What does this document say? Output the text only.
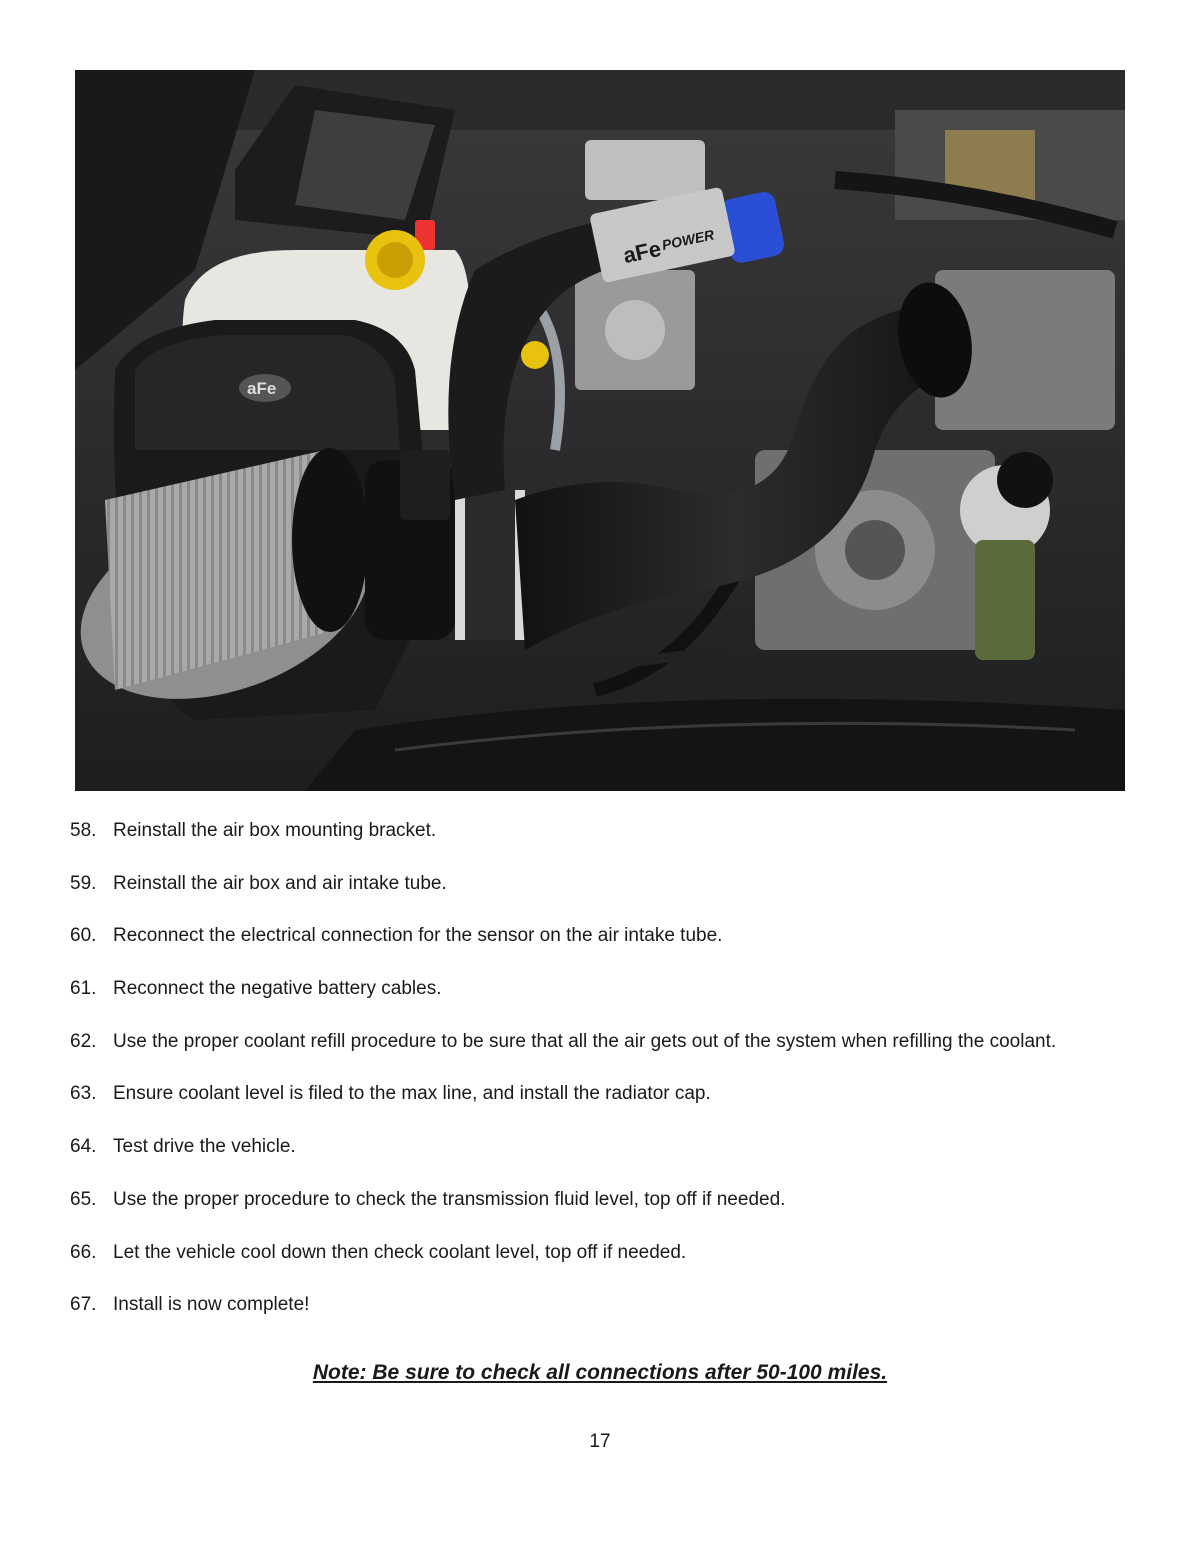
aFe
aFe
POWER
58. Reinstall the air box mounting bracket.
59. Reinstall the air box and air intake tube.
60. Reconnect the electrical connection for the sensor on the air intake tube.
61. Reconnect the negative battery cables.
62. Use the proper coolant refill procedure to be sure that all the air gets out of the system when refilling the coolant.
63. Ensure coolant level is filed to the max line, and install the radiator cap.
64. Test drive the vehicle.
65. Use the proper procedure to check the transmission fluid level, top off if needed.
66. Let the vehicle cool down then check coolant level, top off if needed.
67. Install is now complete!
Note: Be sure to check all connections after 50-100 miles.
17
